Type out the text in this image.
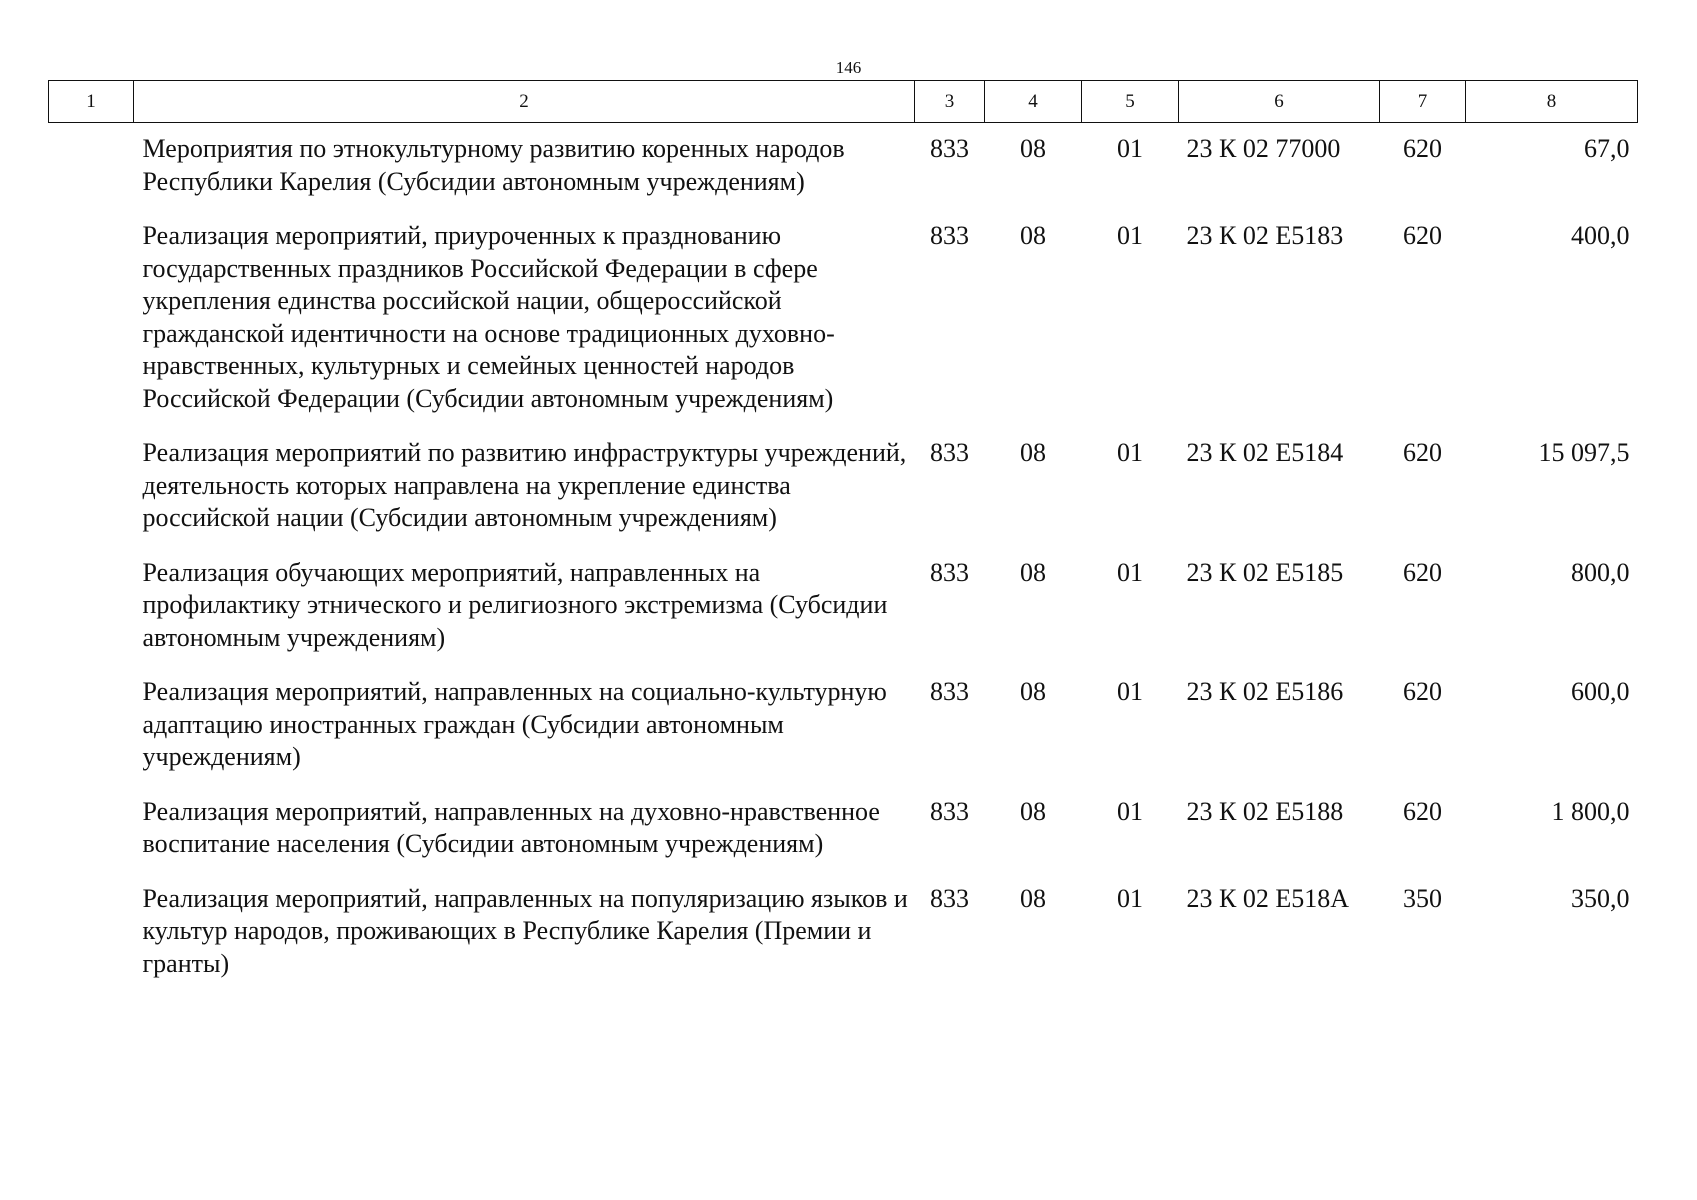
146
1	2	3	4	5	6	7	8
	Мероприятия по этнокультурному развитию коренных народов Республики Карелия (Субсидии автономным учреждениям)	833	08	01	23 К 02 77000	620	67,0
	Реализация мероприятий, приуроченных к празднованию государственных праздников Российской Федерации в сфере укрепления единства российской нации, общероссийской гражданской идентичности на основе традиционных духовно-нравственных, культурных и семейных ценностей народов Российской Федерации (Субсидии автономным учреждениям)	833	08	01	23 К 02 Е5183	620	400,0
	Реализация мероприятий по развитию инфраструктуры учреждений, деятельность которых направлена на укрепление единства российской нации (Субсидии автономным учреждениям)	833	08	01	23 К 02 Е5184	620	15 097,5
	Реализация обучающих мероприятий, направленных на профилактику этнического и религиозного экстремизма (Субсидии автономным учреждениям)	833	08	01	23 К 02 Е5185	620	800,0
	Реализация мероприятий, направленных на социально-культурную адаптацию иностранных граждан (Субсидии автономным учреждениям)	833	08	01	23 К 02 Е5186	620	600,0
	Реализация мероприятий, направленных на духовно-нравственное воспитание населения (Субсидии автономным учреждениям)	833	08	01	23 К 02 Е5188	620	1 800,0
	Реализация мероприятий, направленных на популяризацию языков и культур народов, проживающих в Республике Карелия (Премии и гранты)	833	08	01	23 К 02 Е518А	350	350,0
